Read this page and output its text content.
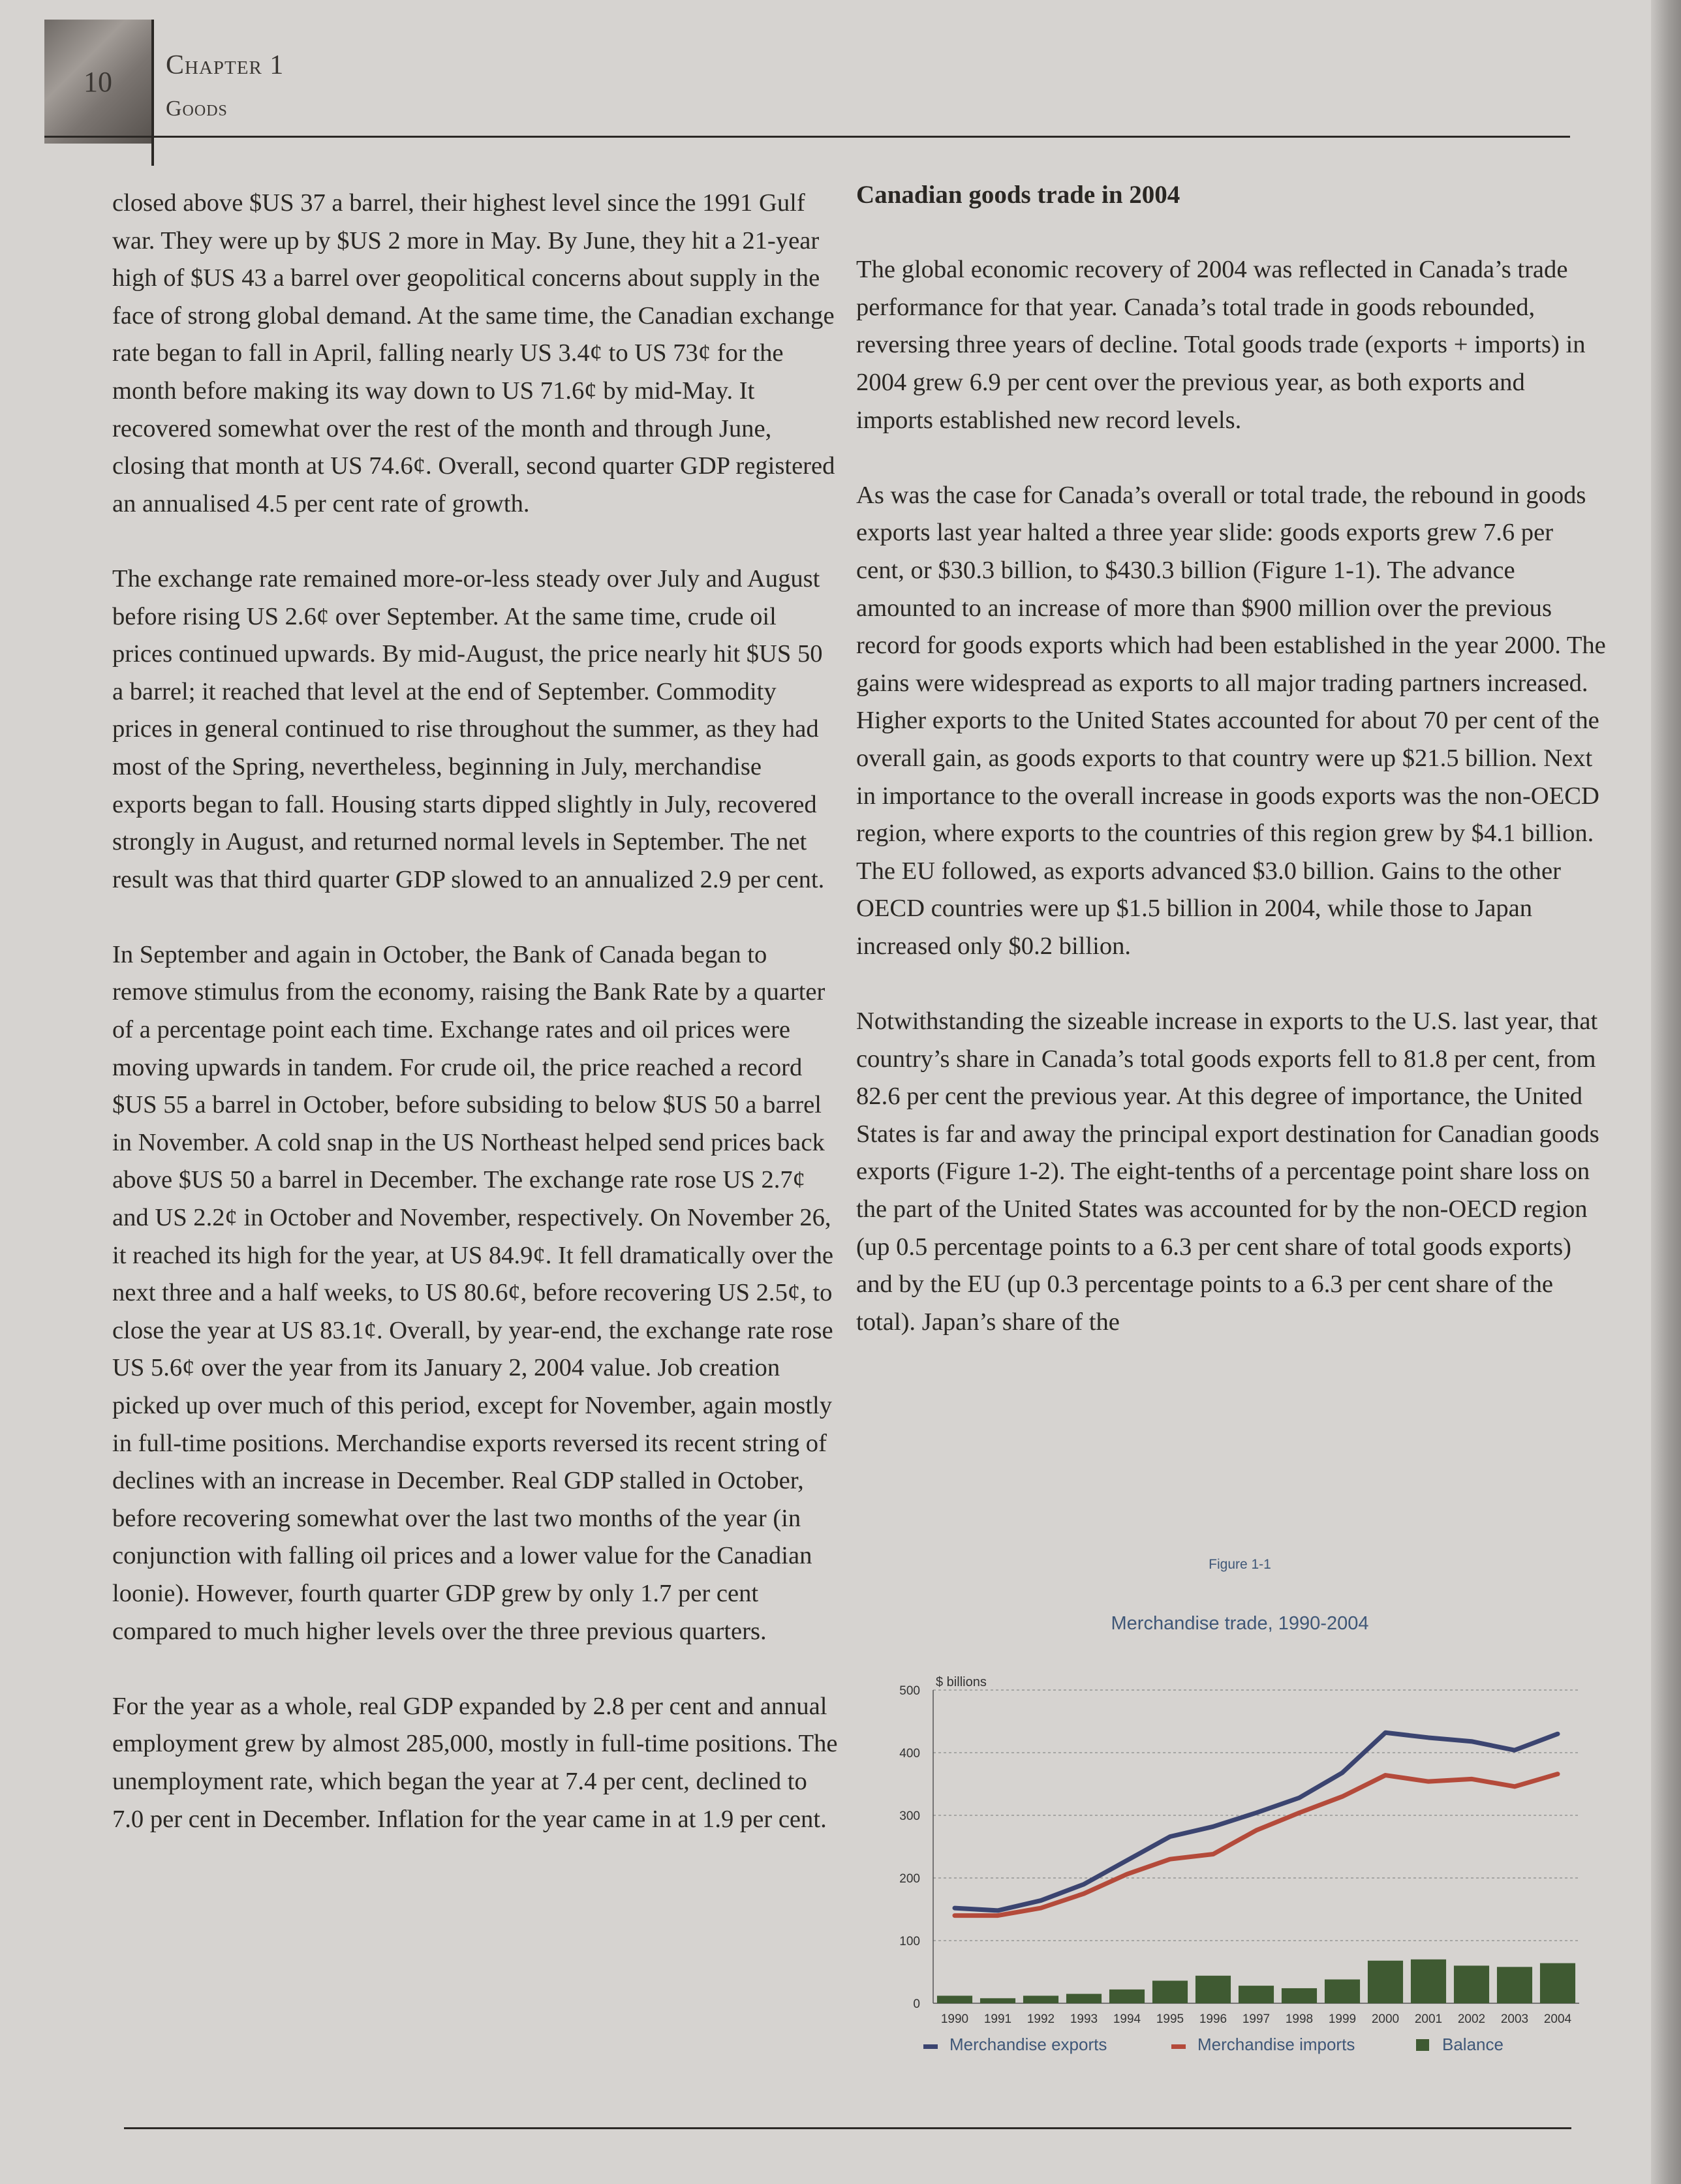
10
Chapter 1
Goods

closed above $US 37 a barrel, their highest level since the 1991 Gulf war. They were up by $US 2 more in May. By June, they hit a 21-year high of $US 43 a barrel over geopolitical concerns about supply in the face of strong global demand. At the same time, the Canadian exchange rate began to fall in April, falling nearly US 3.4¢ to US 73¢ for the month before making its way down to US 71.6¢ by mid-May. It recovered somewhat over the rest of the month and through June, closing that month at US 74.6¢. Overall, second quarter GDP registered an annualised 4.5 per cent rate of growth.

The exchange rate remained more-or-less steady over July and August before rising US 2.6¢ over September. At the same time, crude oil prices continued upwards. By mid-August, the price nearly hit $US 50 a barrel; it reached that level at the end of September. Commodity prices in general continued to rise throughout the summer, as they had most of the Spring, nevertheless, beginning in July, merchandise exports began to fall. Housing starts dipped slightly in July, recovered strongly in August, and returned normal levels in September. The net result was that third quarter GDP slowed to an annualized 2.9 per cent.

In September and again in October, the Bank of Canada began to remove stimulus from the economy, raising the Bank Rate by a quarter of a percentage point each time. Exchange rates and oil prices were moving upwards in tandem. For crude oil, the price reached a record $US 55 a barrel in October, before subsiding to below $US 50 a barrel in November. A cold snap in the US Northeast helped send prices back above $US 50 a barrel in December. The exchange rate rose US 2.7¢ and US 2.2¢ in October and November, respectively. On November 26, it reached its high for the year, at US 84.9¢. It fell dramatically over the next three and a half weeks, to US 80.6¢, before recovering US 2.5¢, to close the year at US 83.1¢. Overall, by year-end, the exchange rate rose US 5.6¢ over the year from its January 2, 2004 value. Job creation picked up over much of this period, except for November, again mostly in full-time positions. Merchandise exports reversed its recent string of declines with an increase in December. Real GDP stalled in October, before recovering somewhat over the last two months of the year (in conjunction with falling oil prices and a lower value for the Canadian loonie). However, fourth quarter GDP grew by only 1.7 per cent compared to much higher levels over the three previous quarters.

For the year as a whole, real GDP expanded by 2.8 per cent and annual employment grew by almost 285,000, mostly in full-time positions. The unemployment rate, which began the year at 7.4 per cent, declined to 7.0 per cent in December. Inflation for the year came in at 1.9 per cent.

Canadian goods trade in 2004

The global economic recovery of 2004 was reflected in Canada’s trade performance for that year. Canada’s total trade in goods rebounded, reversing three years of decline. Total goods trade (exports + imports) in 2004 grew 6.9 per cent over the previous year, as both exports and imports established new record levels.

As was the case for Canada’s overall or total trade, the rebound in goods exports last year halted a three year slide: goods exports grew 7.6 per cent, or $30.3 billion, to $430.3 billion (Figure 1-1). The advance amounted to an increase of more than $900 million over the previous record for goods exports which had been established in the year 2000. The gains were widespread as exports to all major trading partners increased. Higher exports to the United States accounted for about 70 per cent of the overall gain, as goods exports to that country were up $21.5 billion. Next in importance to the overall increase in goods exports was the non-OECD region, where exports to the countries of this region grew by $4.1 billion. The EU followed, as exports advanced $3.0 billion. Gains to the other OECD countries were up $1.5 billion in 2004, while those to Japan increased only $0.2 billion.

Notwithstanding the sizeable increase in exports to the U.S. last year, that country’s share in Canada’s total goods exports fell to 81.8 per cent, from 82.6 per cent the previous year. At this degree of importance, the United States is far and away the principal export destination for Canadian goods exports (Figure 1-2). The eight-tenths of a percentage point share loss on the part of the United States was accounted for by the non-OECD region (up 0.5 percentage points to a 6.3 per cent share of total goods exports) and by the EU (up 0.3 percentage points to a 6.3 per cent share of the total). Japan’s share of the

Figure 1-1
Merchandise trade, 1990-2004
0
100
200
300
400
500
$ billions
1990 1991 1992 1993 1994 1995 1996 1997 1998 1999 2000 2001 2002 2003 2004
Merchandise exports	Merchandise imports	Balance
